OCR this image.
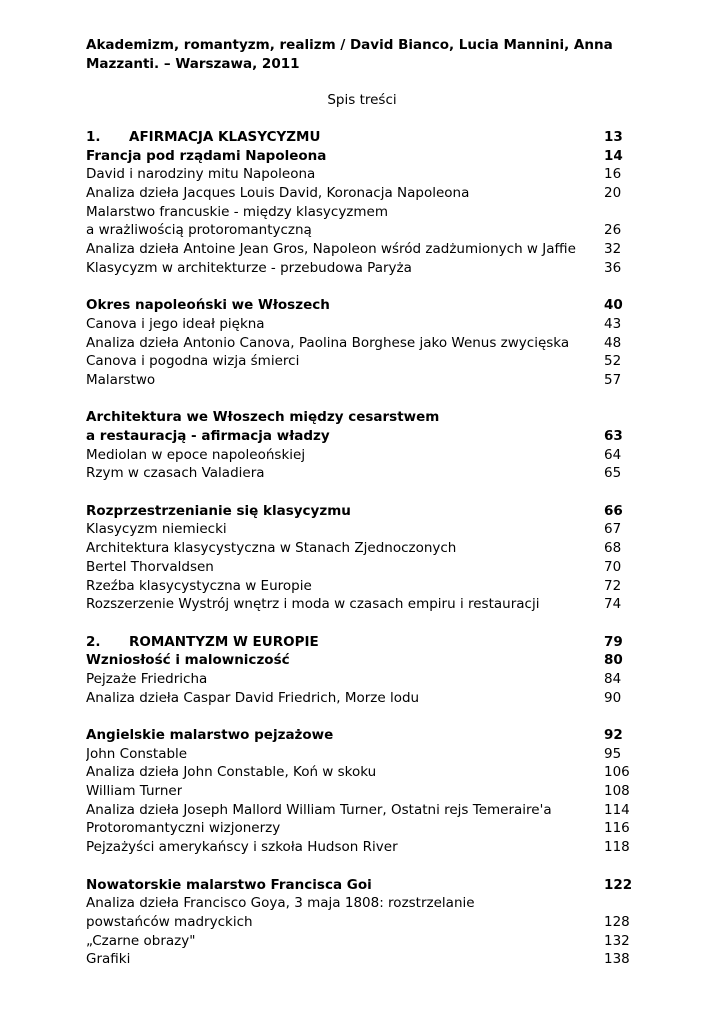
Akademizm, romantyzm, realizm / David Bianco, Lucia Mannini, Anna Mazzanti. – Warszawa, 2011
Spis treści
1. AFIRMACJA KLASYCYZMU	13
Francja pod rządami Napoleona	14
David i narodziny mitu Napoleona	16
Analiza dzieła Jacques Louis David, Koronacja Napoleona	20
Malarstwo francuskie - między klasycyzmem
a wrażliwością protoromantyczną	26
Analiza dzieła Antoine Jean Gros, Napoleon wśród zadżumionych w Jaffie 32
Klasycyzm w architekturze - przebudowa Paryża	36
Okres napoleoński we Włoszech	40
Canova i jego ideał piękna	43
Analiza dzieła Antonio Canova, Paolina Borghese jako Wenus zwycięska	48
Canova i pogodna wizja śmierci	52
Malarstwo	57
Architektura we Włoszech między cesarstwem
a restauracją - afirmacja władzy	63
Mediolan w epoce napoleońskiej	64
Rzym w czasach Valadiera	65
Rozprzestrzenianie się klasycyzmu	66
Klasycyzm niemiecki	67
Architektura klasycystyczna w Stanach Zjednoczonych	68
Bertel Thorvaldsen	70
Rzeźba klasycystyczna w Europie	72
Rozszerzenie Wystrój wnętrz i moda w czasach empiru i restauracji	74
2. ROMANTYZM W EUROPIE	79
Wzniosłość i malowniczość	80
Pejzaże Friedricha	84
Analiza dzieła Caspar David Friedrich, Morze lodu	90
Angielskie malarstwo pejzażowe	92
John Constable	95
Analiza dzieła John Constable, Koń w skoku	106
William Turner	108
Analiza dzieła Joseph Mallord William Turner, Ostatni rejs Temeraire'a	114
Protoromantyczni wizjonerzy	116
Pejzażyści amerykańscy i szkoła Hudson River	118
Nowatorskie malarstwo Francisca Goi	122
Analiza dzieła Francisco Goya, 3 maja 1808: rozstrzelanie
powstańców madryckich	128
„Czarne obrazy"	132
Grafiki	138
